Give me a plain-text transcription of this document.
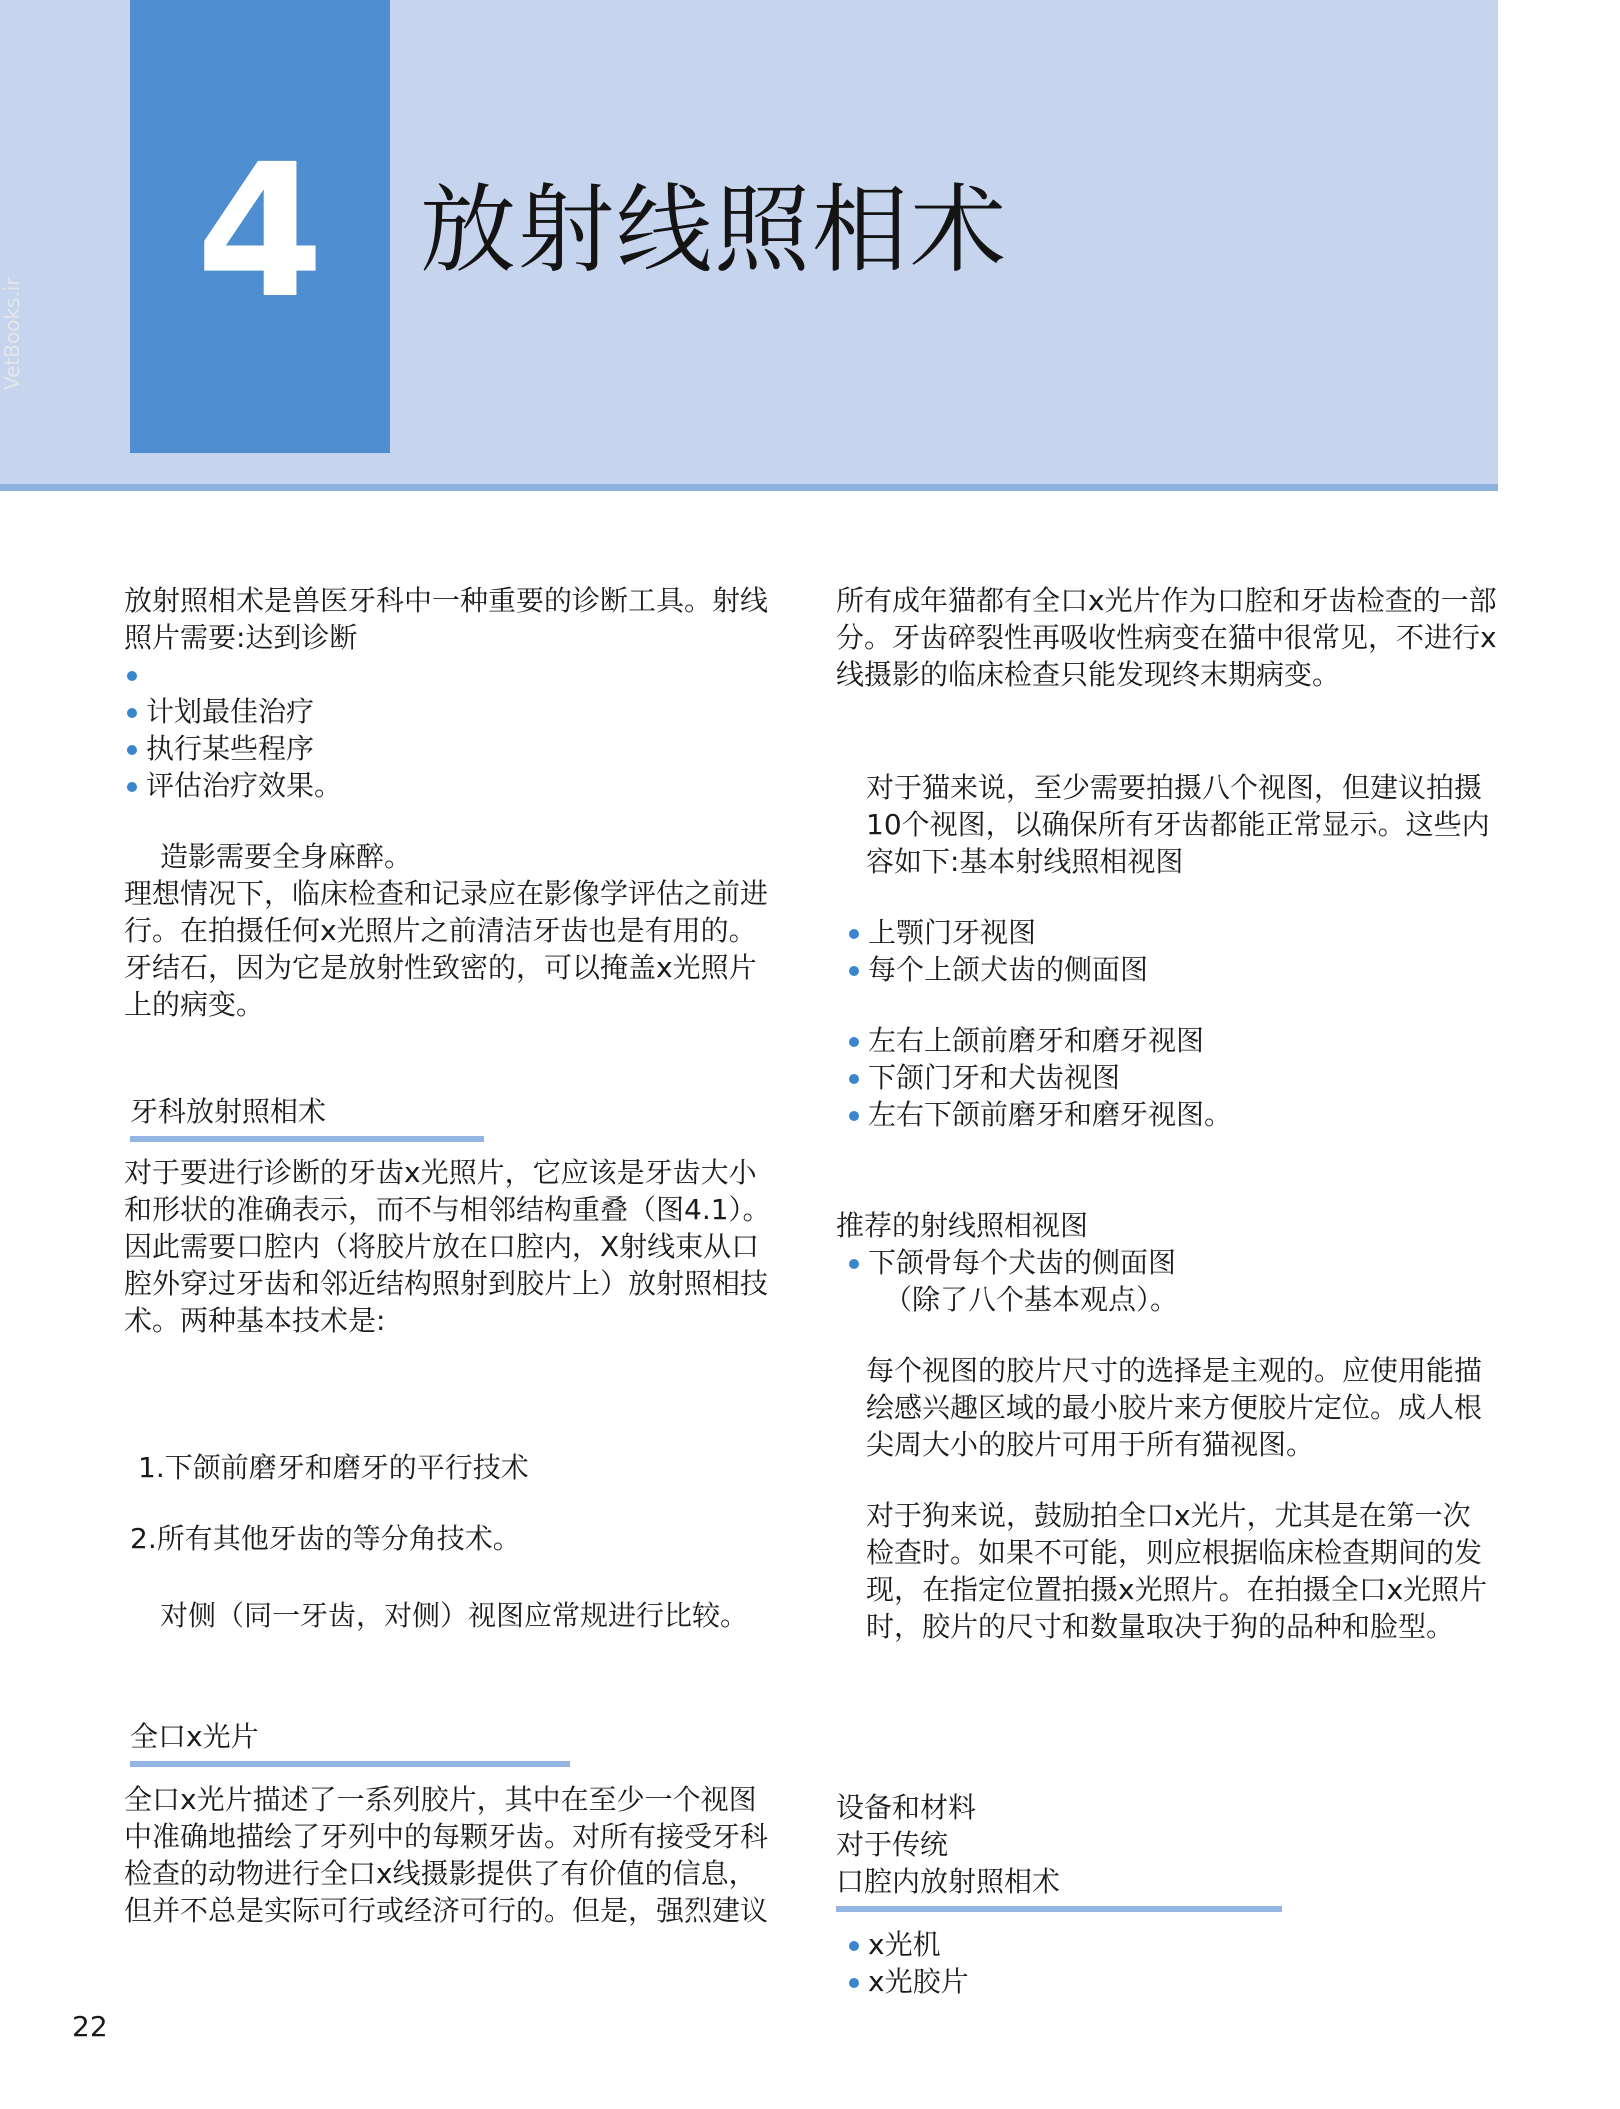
4 放射线照相术
VetBooks.ir

放射照相术是兽医牙科中一种重要的诊断工具。射线照片需要:达到诊断

计划最佳治疗
执行某些程序
评估治疗效果。

造影需要全身麻醉。

理想情况下，临床检查和记录应在影像学评估之前进行。在拍摄任何x光照片之前清洁牙齿也是有用的。牙结石，因为它是放射性致密的，可以掩盖x光照片上的病变。

牙科放射照相术

对于要进行诊断的牙齿x光照片，它应该是牙齿大小和形状的准确表示，而不与相邻结构重叠（图4.1）。因此需要口腔内（将胶片放在口腔内，X射线束从口腔外穿过牙齿和邻近结构照射到胶片上）放射照相技术。两种基本技术是:

1.下颌前磨牙和磨牙的平行技术

2.所有其他牙齿的等分角技术。

对侧（同一牙齿，对侧）视图应常规进行比较。

全口x光片

全口x光片描述了一系列胶片，其中在至少一个视图中准确地描绘了牙列中的每颗牙齿。对所有接受牙科检查的动物进行全口x线摄影提供了有价值的信息，但并不总是实际可行或经济可行的。但是，强烈建议

所有成年猫都有全口x光片作为口腔和牙齿检查的一部分。牙齿碎裂性再吸收性病变在猫中很常见，不进行x线摄影的临床检查只能发现终末期病变。

对于猫来说，至少需要拍摄八个视图，但建议拍摄10个视图，以确保所有牙齿都能正常显示。这些内容如下:基本射线照相视图

上颚门牙视图
每个上颌犬齿的侧面图
左右上颌前磨牙和磨牙视图
下颌门牙和犬齿视图
左右下颌前磨牙和磨牙视图。

推荐的射线照相视图

下颌骨每个犬齿的侧面图

（除了八个基本观点）。

每个视图的胶片尺寸的选择是主观的。应使用能描绘感兴趣区域的最小胶片来方便胶片定位。成人根尖周大小的胶片可用于所有猫视图。

对于狗来说，鼓励拍全口x光片，尤其是在第一次检查时。如果不可能，则应根据临床检查期间的发现，在指定位置拍摄x光照片。在拍摄全口x光照片时，胶片的尺寸和数量取决于狗的品种和脸型。

设备和材料
对于传统
口腔内放射照相术
x光机
x光胶片
22
